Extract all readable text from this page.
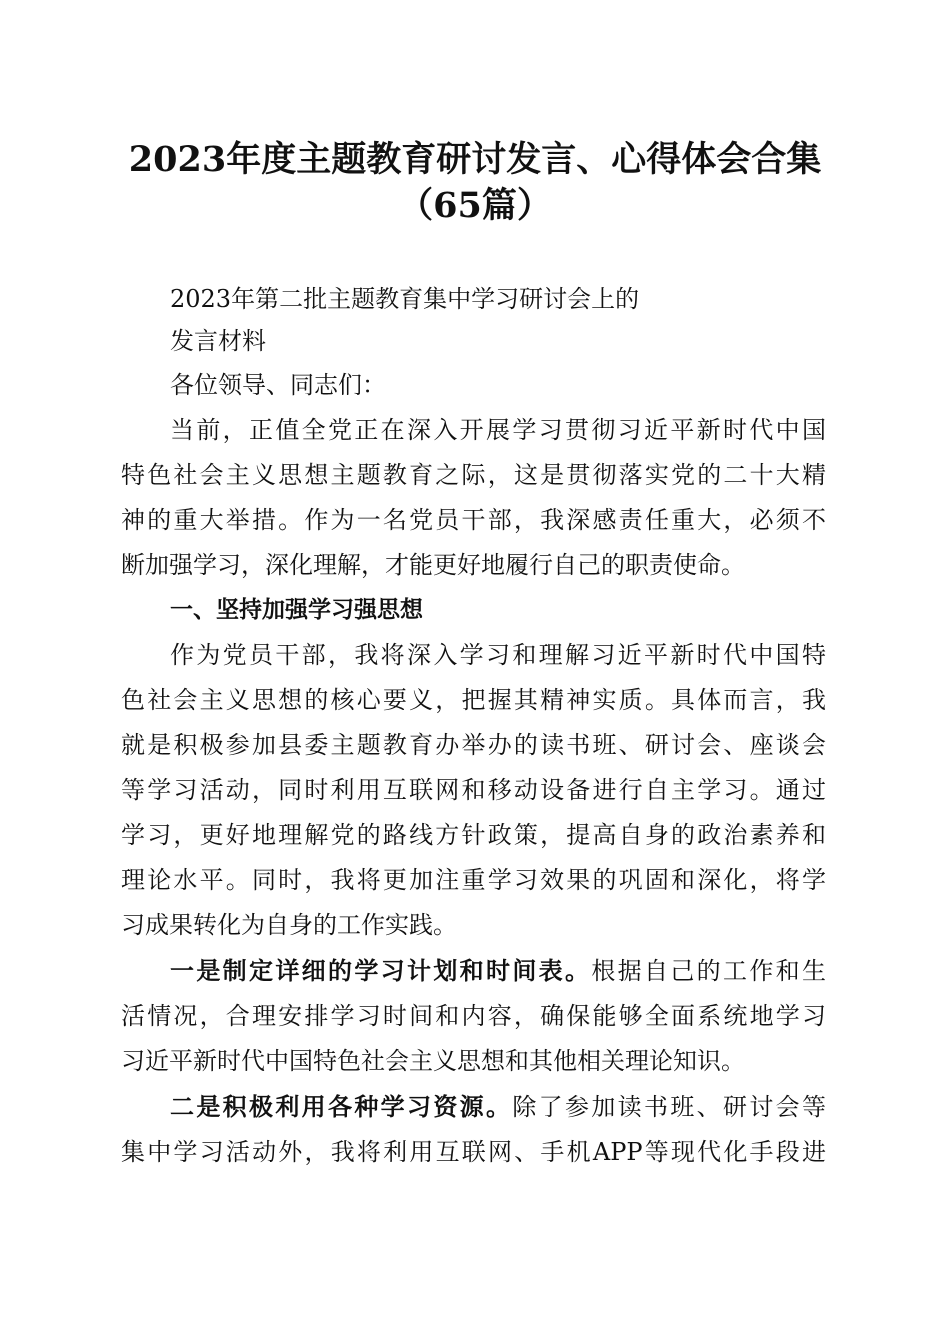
2023年度主题教育研讨发言、心得体会合集
（65篇）
2023年第二批主题教育集中学习研讨会上的
发言材料
各位领导、同志们：
当前，正值全党正在深入开展学习贯彻习近平新时代中国
特色社会主义思想主题教育之际，这是贯彻落实党的二十大精
神的重大举措。作为一名党员干部，我深感责任重大，必须不
断加强学习，深化理解，才能更好地履行自己的职责使命。
一、坚持加强学习强思想
作为党员干部，我将深入学习和理解习近平新时代中国特
色社会主义思想的核心要义，把握其精神实质。具体而言，我
就是积极参加县委主题教育办举办的读书班、研讨会、座谈会
等学习活动，同时利用互联网和移动设备进行自主学习。通过
学习，更好地理解党的路线方针政策，提高自身的政治素养和
理论水平。同时，我将更加注重学习效果的巩固和深化，将学
习成果转化为自身的工作实践。
一是制定详细的学习计划和时间表。根据自己的工作和生
活情况，合理安排学习时间和内容，确保能够全面系统地学习
习近平新时代中国特色社会主义思想和其他相关理论知识。
二是积极利用各种学习资源。除了参加读书班、研讨会等
集中学习活动外，我将利用互联网、手机APP等现代化手段进
